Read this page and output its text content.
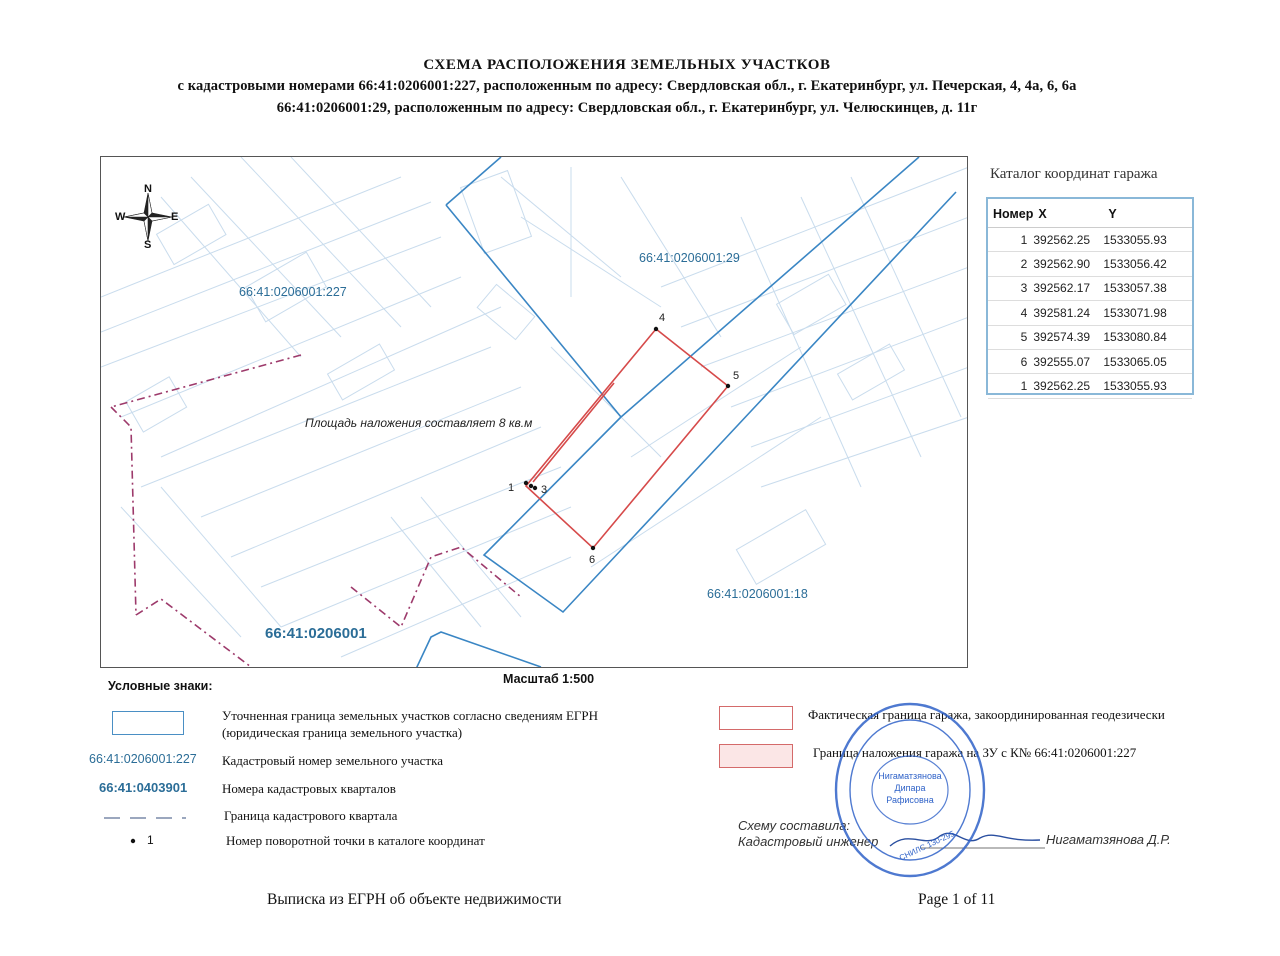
СХЕМА РАСПОЛОЖЕНИЯ ЗЕМЕЛЬНЫХ УЧАСТКОВ
с кадастровыми номерами 66:41:0206001:227, расположенным по адресу: Свердловская обл., г. Екатеринбург, ул. Печерская, 4, 4а, 6, 6а
66:41:0206001:29, расположенным по адресу: Свердловская обл., г. Екатеринбург, ул. Челюскинцев, д. 11г
N
S
W	E
66:41:0206001:227
66:41:0206001:29
66:41:0206001:18
66:41:0206001
Площадь наложения составляет 8 кв.м
1 3
4
5
6
Каталог координат гаража
Номер	X	Y
1	392562.25	1533055.93
2	392562.90	1533056.42
3	392562.17	1533057.38
4	392581.24	1533071.98
5	392574.39	1533080.84
6	392555.07	1533065.05
1	392562.25	1533055.93
Масштаб 1:500
Условные знаки:
Уточненная граница земельных участков согласно сведениям ЕГРН
(юридическая граница земельного участка)
66:41:0206001:227 Кадастровый номер земельного участка
66:41:0403901	Номера кадастровых кварталов
Граница кадастрового квартала
1	Номер поворотной точки в каталоге координат
Фактическая граница гаража, закоординированная геодезически
Граница наложения гаража на ЗУ с К№ 66:41:0206001:227
Схему составила:
Кадастровый инженер	Нигаматзянова Д.Р.
Нигаматзянова
Дипара
Рафисовна
СНИЛС 130-295
Выписка из ЕГРН об объекте недвижимости	Page 1 of 11
